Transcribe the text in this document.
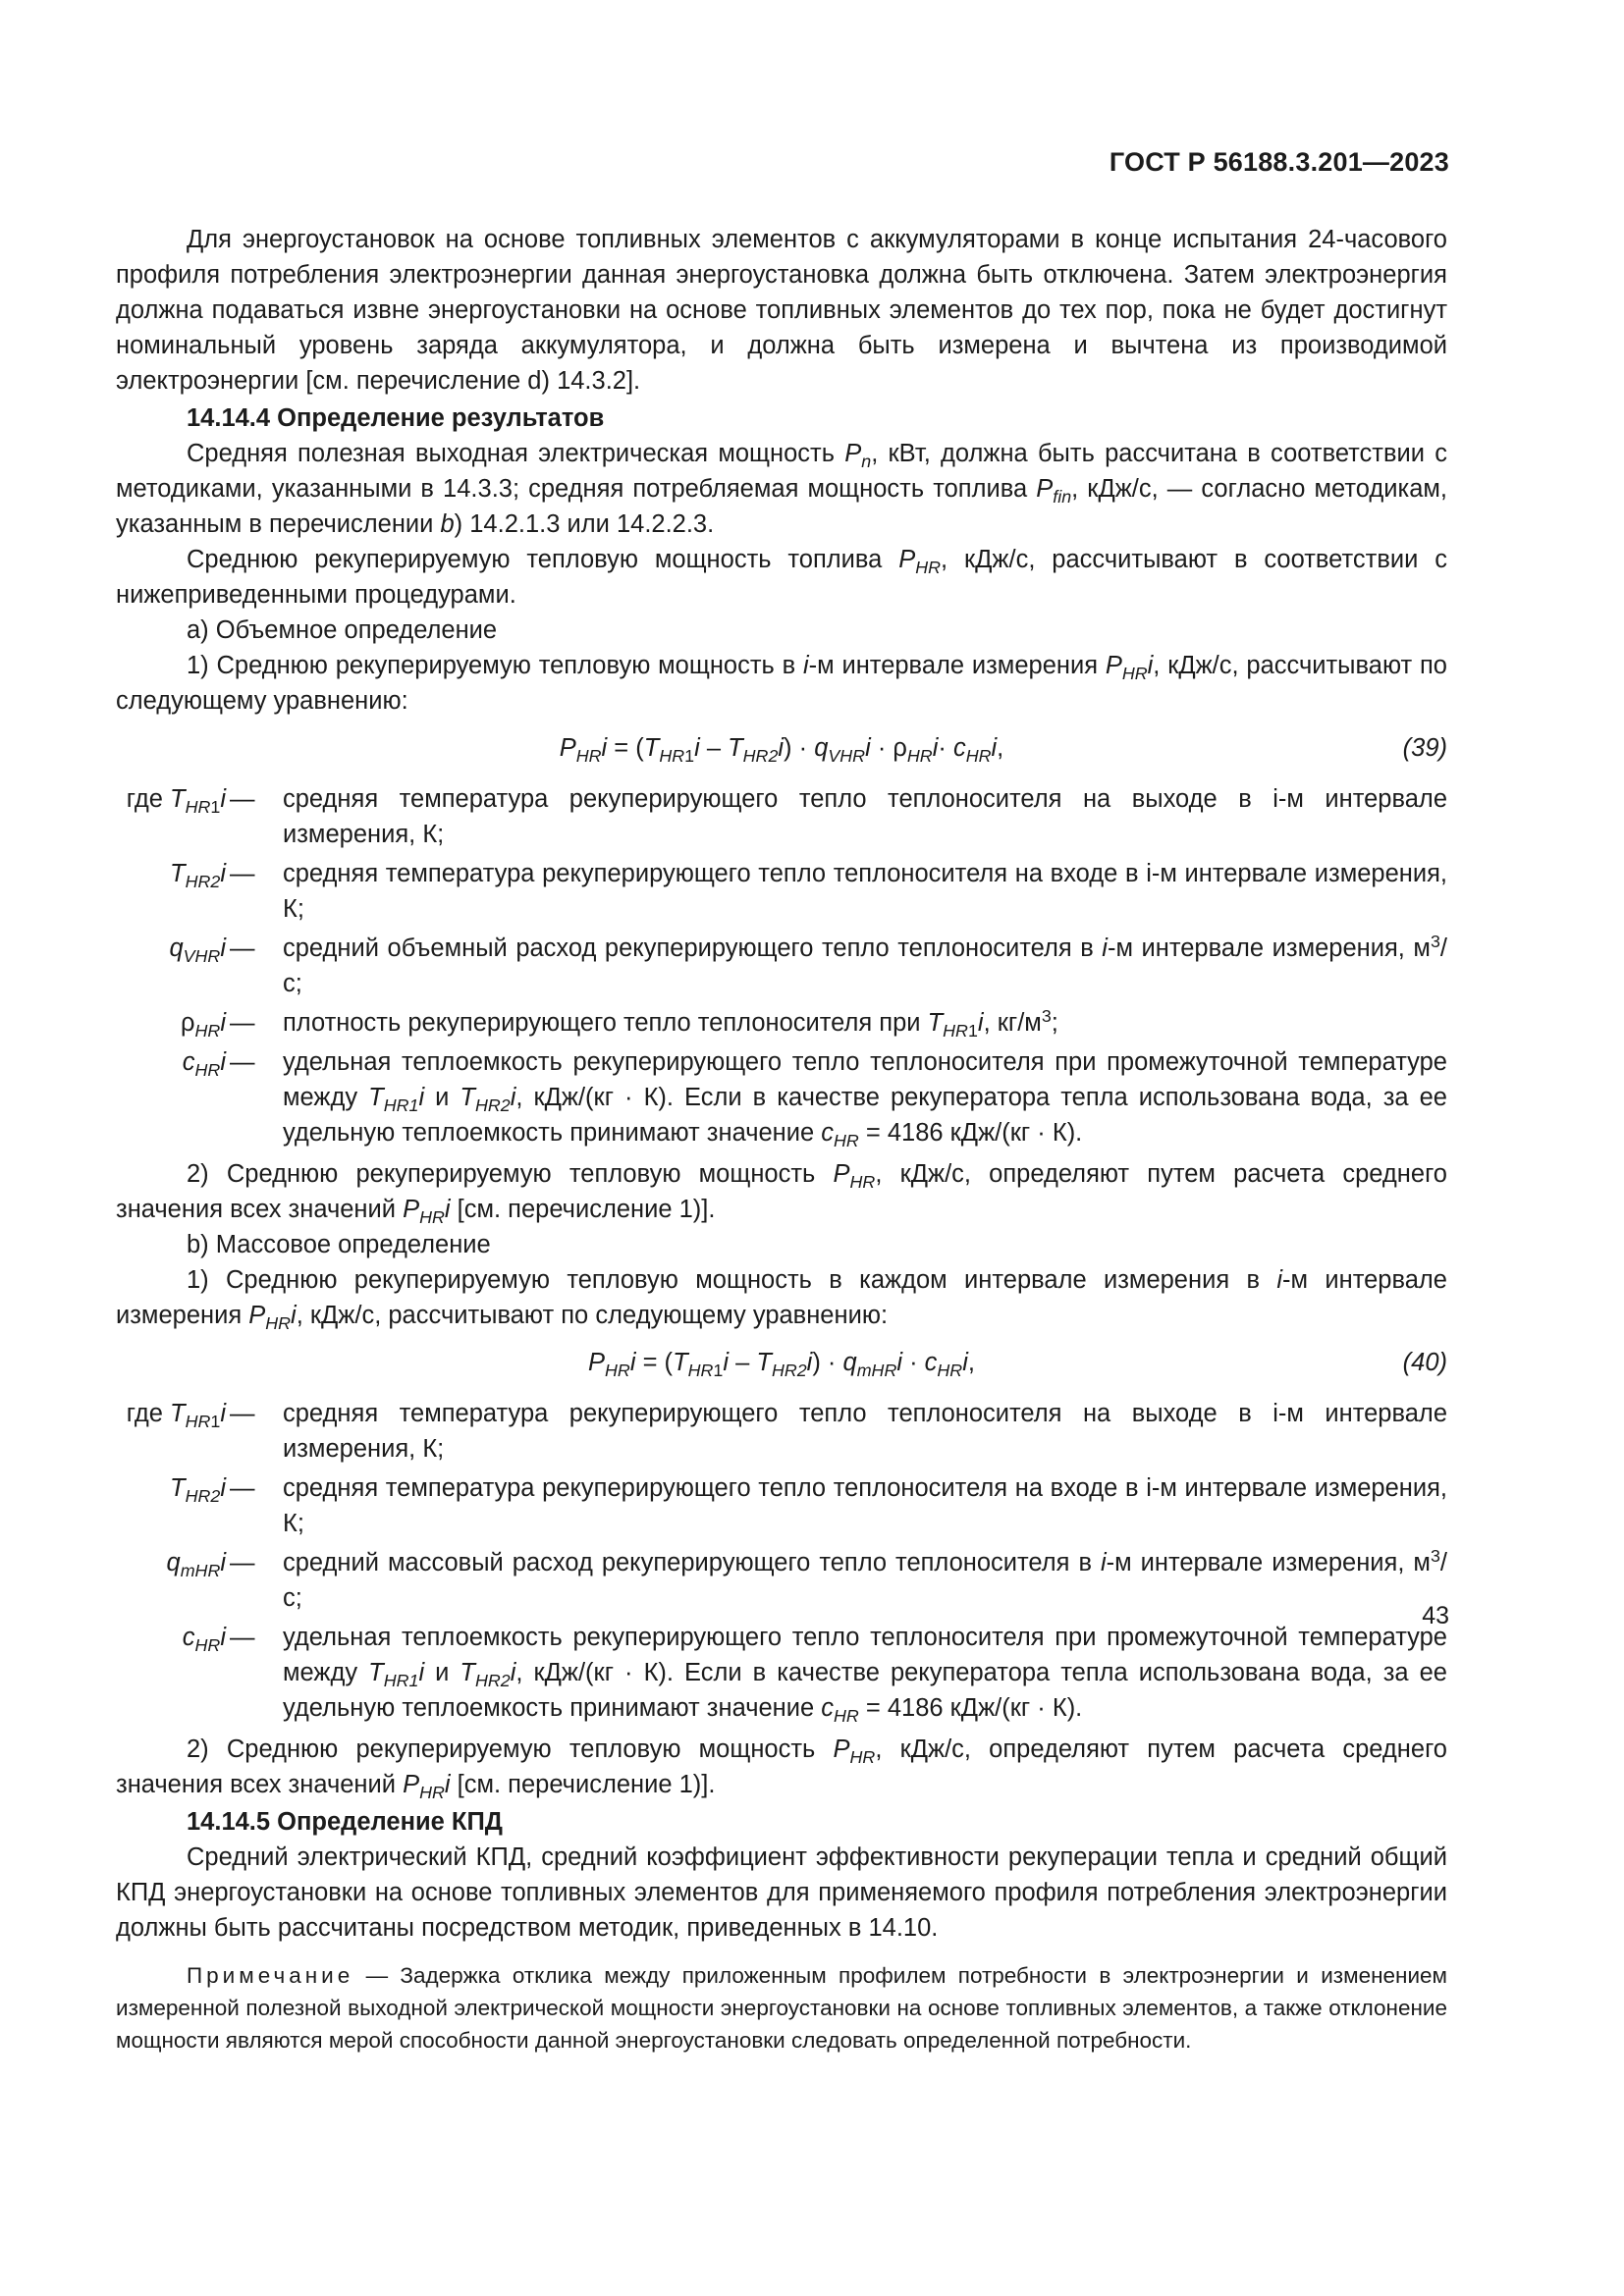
ГОСТ Р 56188.3.201—2023

Для энергоустановок на основе топливных элементов с аккумуляторами в конце испытания 24-часового профиля потребления электроэнергии данная энергоустановка должна быть отключена. Затем электроэнергия должна подаваться извне энергоустановки на основе топливных элементов до тех пор, пока не будет достигнут номинальный уровень заряда аккумулятора, и должна быть измерена и вычтена из производимой электроэнергии [см. перечисление d) 14.3.2].

14.14.4 Определение результатов

Средняя полезная выходная электрическая мощность $P_n$, кВт, должна быть рассчитана в соответствии с методиками, указанными в 14.3.3; средняя потребляемая мощность топлива $P_{fin}$, кДж/с, — согласно методикам, указанным в перечислении b) 14.2.1.3 или 14.2.2.3.

Среднюю рекуперируемую тепловую мощность топлива $P_{HR}$, кДж/с, рассчитывают в соответствии с нижеприведенными процедурами.

a) Объемное определение

1) Среднюю рекуперируемую тепловую мощность в i-м интервале измерения $P_{HR}i$, кДж/с, рассчитывают по следующему уравнению:

$P_{HR}i = (T_{HR1}i - T_{HR2}i) \cdot q_{VHR}i \cdot \rho_{HR}i\cdot c_{HR}i$,	(39)
где $T_{HR1}i$ — средняя температура рекуперирующего тепло теплоносителя на выходе в i-м интервале измерения, К;
$T_{HR2}i$ — средняя температура рекуперирующего тепло теплоносителя на входе в i-м интервале измерения, К;
$q_{VHR}i$ — средний объемный расход рекуперирующего тепло теплоносителя в i-м интервале измерения, $м^3/с$;
$\rho_{HR}i$ — плотность рекуперирующего тепло теплоносителя при $T_{HR1}i$, $кг/м^3$;
$c_{HR}i$ — удельная теплоемкость рекуперирующего тепло теплоносителя при промежуточной температуре между $T_{HR1}i$ и $T_{HR2}i$, кДж/(кг · К). Если в качестве рекуператора тепла использована вода, за ее удельную теплоемкость принимают значение $c_{HR} = 4186$ кДж/(кг · К).

2) Среднюю рекуперируемую тепловую мощность $P_{HR}$, кДж/с, определяют путем расчета среднего значения всех значений $P_{HR}i$ [см. перечисление 1)].

b) Массовое определение

1) Среднюю рекуперируемую тепловую мощность в каждом интервале измерения в i-м интервале измерения $P_{HR}i$, кДж/с, рассчитывают по следующему уравнению:

$P_{HR}i = (T_{HR1}i - T_{HR2}i) \cdot q_{mHR}i \cdot c_{HR}i$,	(40)
где $T_{HR1}i$ — средняя температура рекуперирующего тепло теплоносителя на выходе в i-м интервале измерения, К;
$T_{HR2}i$ — средняя температура рекуперирующего тепло теплоносителя на входе в i-м интервале измерения, К;
$q_{mHR}i$ — средний массовый расход рекуперирующего тепло теплоносителя в i-м интервале измерения, $м^3/с$;
$c_{HR}i$ — удельная теплоемкость рекуперирующего тепло теплоносителя при промежуточной температуре между $T_{HR1}i$ и $T_{HR2}i$, кДж/(кг · К). Если в качестве рекуператора тепла использована вода, за ее удельную теплоемкость принимают значение $c_{HR} = 4186$ кДж/(кг · К).

2) Среднюю рекуперируемую тепловую мощность $P_{HR}$, кДж/с, определяют путем расчета среднего значения всех значений $P_{HR}i$ [см. перечисление 1)].

14.14.5 Определение КПД

Средний электрический КПД, средний коэффициент эффективности рекуперации тепла и средний общий КПД энергоустановки на основе топливных элементов для применяемого профиля потребления электроэнергии должны быть рассчитаны посредством методик, приведенных в 14.10.

Примечание — Задержка отклика между приложенным профилем потребности в электроэнергии и изменением измеренной полезной выходной электрической мощности энергоустановки на основе топливных элементов, а также отклонение мощности являются мерой способности данной энергоустановки следовать определенной потребности.

43
